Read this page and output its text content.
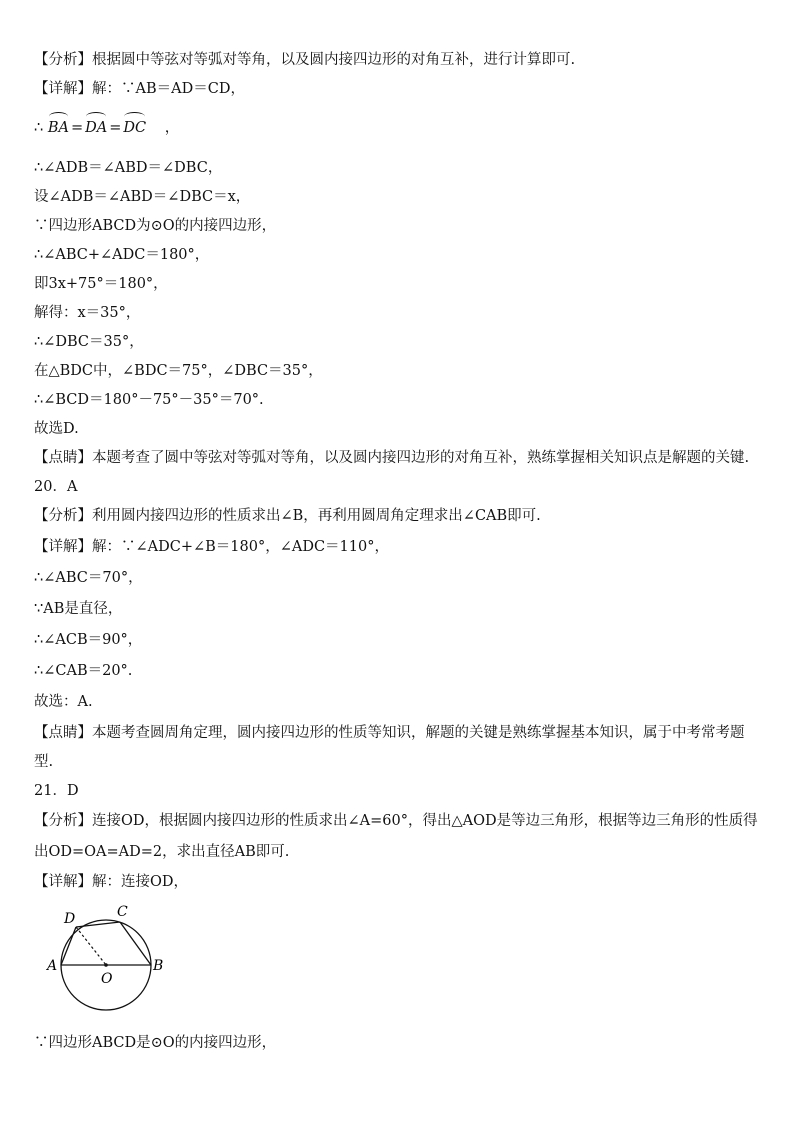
【分析】根据圆中等弦对等弧对等角，以及圆内接四边形的对角互补，进行计算即可.
【详解】解：∵AB＝AD＝CD，
∴ BA = DA = DC ，
∴∠ADB＝∠ABD＝∠DBC，
设∠ADB＝∠ABD＝∠DBC＝x，
∵四边形ABCD为⊙O的内接四边形，
∴∠ABC+∠ADC＝180°，
即3x+75°＝180°，
解得：x＝35°，
∴∠DBC＝35°，
在△BDC中，∠BDC＝75°，∠DBC＝35°，
∴∠BCD＝180°－75°－35°＝70°.
故选D.
【点睛】本题考查了圆中等弦对等弧对等角，以及圆内接四边形的对角互补，熟练掌握相关知识点是解题的关键.
20．A
【分析】利用圆内接四边形的性质求出∠B，再利用圆周角定理求出∠CAB即可.
【详解】解：∵∠ADC+∠B＝180°，∠ADC＝110°，
∴∠ABC＝70°，
∵AB是直径，
∴∠ACB＝90°，
∴∠CAB＝20°.
故选：A.
【点睛】本题考查圆周角定理，圆内接四边形的性质等知识，解题的关键是熟练掌握基本知识，属于中考常考题
型.
21．D
【分析】连接OD，根据圆内接四边形的性质求出∠A=60°，得出△AOD是等边三角形，根据等边三角形的性质得
出OD=OA=AD=2，求出直径AB即可.
【详解】解：连接OD，
A	B
C
D
O
∵四边形ABCD是⊙O的内接四边形，
